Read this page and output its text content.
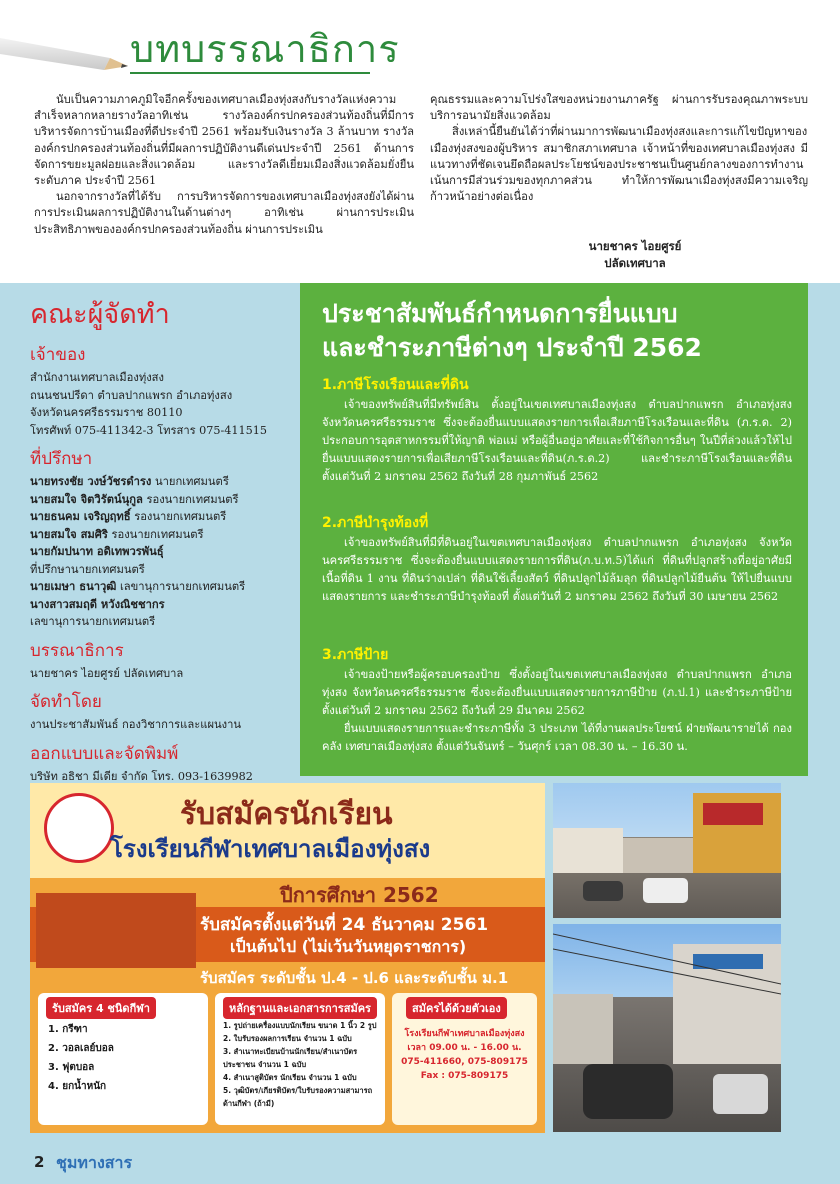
บทบรรณาธิการ

นับเป็นความภาคภูมิใจอีกครั้งของเทศบาลเมืองทุ่งสงกับรางวัลแห่งความสำเร็จหลากหลายรางวัลอาทิเช่น รางวัลองค์กรปกครองส่วนท้องถิ่นที่มีการบริหารจัดการบ้านเมืองที่ดีประจำปี 2561 พร้อมรับเงินรางวัล 3 ล้านบาท รางวัลองค์กรปกครองส่วนท้องถิ่นที่มีผลการปฏิบัติงานดีเด่นประจำปี 2561 ด้านการจัดการขยะมูลฝอยและสิ่งแวดล้อม และรางวัลดีเยี่ยมเมืองสิ่งแวดล้อมยั่งยืน ระดับภาค ประจำปี 2561

นอกจากรางวัลที่ได้รับ การบริหารจัดการของเทศบาลเมืองทุ่งสงยังได้ผ่านการประเมินผลการปฏิบัติงานในด้านต่างๆ อาทิเช่น ผ่านการประเมินประสิทธิภาพขององค์กรปกครองส่วนท้องถิ่น ผ่านการประเมิน

คุณธรรมและความโปร่งใสของหน่วยงานภาครัฐ ผ่านการรับรองคุณภาพระบบบริการอนามัยสิ่งแวดล้อม

สิ่งเหล่านี้ยืนยันได้ว่าที่ผ่านมาการพัฒนาเมืองทุ่งสงและการแก้ไขปัญหาของเมืองทุ่งสงของผู้บริหาร สมาชิกสภาเทศบาล เจ้าหน้าที่ของเทศบาลเมืองทุ่งสง มีแนวทางที่ชัดเจนยึดถือผลประโยชน์ของประชาชนเป็นศูนย์กลางของการทำงาน เน้นการมีส่วนร่วมของทุกภาคส่วน ทำให้การพัฒนาเมืองทุ่งสงมีความเจริญก้าวหน้าอย่างต่อเนื่อง

นายชาคร ไอยศูรย์
ปลัดเทศบาล
คณะผู้จัดทำ
เจ้าของ
สำนักงานเทศบาลเมืองทุ่งสง
ถนนชนปรีดา ตำบลปากแพรก อำเภอทุ่งสง
จังหวัดนครศรีธรรมราช 80110
โทรศัพท์ 075-411342-3 โทรสาร 075-411515
ที่ปรึกษา
นายทรงชัย วงษ์วัชรดำรง นายกเทศมนตรี
นายสมใจ จิตวิรัตน์นุกูล รองนายกเทศมนตรี
นายธนคม เจริญฤทธิ์ รองนายกเทศมนตรี
นายสมใจ สมศิริ รองนายกเทศมนตรี
นายกัมปนาท อดิเทพวรพันธุ์
ที่ปรึกษานายกเทศมนตรี
นายเมษา ธนาวุฒิ เลขานุการนายกเทศมนตรี
นางสาวสมฤดี หวังณิชชากร
เลขานุการนายกเทศมนตรี
บรรณาธิการ
นายชาคร ไอยศูรย์ ปลัดเทศบาล
จัดทำโดย
งานประชาสัมพันธ์ กองวิชาการและแผนงาน
ออกแบบและจัดพิมพ์
บริษัท อธิชา มีเดีย จำกัด โทร. 093-1639982
ประชาสัมพันธ์กำหนดการยื่นแบบ
และชำระภาษีต่างๆ ประจำปี 2562
1.ภาษีโรงเรือนและที่ดิน

เจ้าของทรัพย์สินที่มีทรัพย์สิน ตั้งอยู่ในเขตเทศบาลเมืองทุ่งสง ตำบลปากแพรก อำเภอทุ่งสง จังหวัดนครศรีธรรมราช ซึ่งจะต้องยื่นแบบแสดงรายการเพื่อเสียภาษีโรงเรือนและที่ดิน (ภ.ร.ด. 2) ประกอบการอุตสาหกรรมที่ให้ญาติ พ่อแม่ หรือผู้อื่นอยู่อาศัยและที่ใช้กิจการอื่นๆ ในปีที่ล่วงแล้วให้ไปยื่นแบบแสดงรายการเพื่อเสียภาษีโรงเรือนและที่ดิน(ภ.ร.ด.2) และชำระภาษีโรงเรือนและที่ดิน ตั้งแต่วันที่ 2 มกราคม 2562 ถึงวันที่ 28 กุมภาพันธ์ 2562

2.ภาษีบำรุงท้องที่

เจ้าของทรัพย์สินที่มีที่ดินอยู่ในเขตเทศบาลเมืองทุ่งสง ตำบลปากแพรก อำเภอทุ่งสง จังหวัดนครศรีธรรมราช ซึ่งจะต้องยื่นแบบแสดงรายการที่ดิน(ภ.บ.ท.5)ได้แก่ ที่ดินที่ปลูกสร้างที่อยู่อาศัยมีเนื้อที่ดิน 1 งาน ที่ดินว่างเปล่า ที่ดินใช้เลี้ยงสัตว์ ที่ดินปลูกไม้ล้มลุก ที่ดินปลูกไม้ยืนต้น ให้ไปยื่นแบบแสดงรายการ และชำระภาษีบำรุงท้องที่ ตั้งแต่วันที่ 2 มกราคม 2562 ถึงวันที่ 30 เมษายน 2562

3.ภาษีป้าย

เจ้าของป้ายหรือผู้ครอบครองป้าย ซึ่งตั้งอยู่ในเขตเทศบาลเมืองทุ่งสง ตำบลปากแพรก อำเภอทุ่งสง จังหวัดนครศรีธรรมราช ซึ่งจะต้องยื่นแบบแสดงรายการภาษีป้าย (ภ.ป.1) และชำระภาษีป้าย ตั้งแต่วันที่ 2 มกราคม 2562 ถึงวันที่ 29 มีนาคม 2562

ยื่นแบบแสดงรายการและชำระภาษีทั้ง 3 ประเภท ได้ที่งานผลประโยชน์ ฝ่ายพัฒนารายได้ กองคลัง เทศบาลเมืองทุ่งสง ตั้งแต่วันจันทร์ – วันศุกร์ เวลา 08.30 น. – 16.30 น.

รับสมัครนักเรียน
โรงเรียนกีฬาเทศบาลเมืองทุ่งสง
รับสมัครตั้งแต่วันที่ 24 ธันวาคม 2561
เป็นต้นไป (ไม่เว้นวันหยุดราชการ)
ปีการศึกษา 2562
รับสมัคร ระดับชั้น ป.4 - ป.6 และระดับชั้น ม.1
รับสมัคร 4 ชนิดกีฬา
1. กรีฑา
2. วอลเลย์บอล
3. ฟุตบอล
4. ยกน้ำหนัก
หลักฐานและเอกสารการสมัคร
1. รูปถ่ายเครื่องแบบนักเรียน ขนาด 1 นิ้ว 2 รูป
2. ใบรับรองผลการเรียน จำนวน 1 ฉบับ
3. สำเนาทะเบียนบ้านนักเรียน/สำเนาบัตรประชาชน จำนวน 1 ฉบับ
4. สำเนาสูติบัตร นักเรียน จำนวน 1 ฉบับ
5. วุฒิบัตร/เกียรติบัตร/ใบรับรองความสามารถด้านกีฬา (ถ้ามี)
สมัครได้ด้วยตัวเอง
โรงเรียนกีฬาเทศบาลเมืองทุ่งสง
เวลา 09.00 น. - 16.00 น.
075-411660, 075-809175
Fax : 075-809175
2 ชุมทางสาร
